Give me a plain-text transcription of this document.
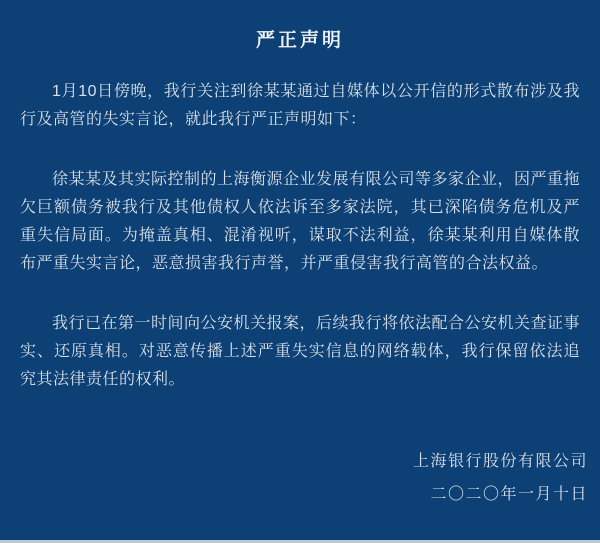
严正声明

1月10日傍晚，我行关注到徐某某通过自媒体以公开信的形式散布涉及我行及高管的失实言论，就此我行严正声明如下：

徐某某及其实际控制的上海衡源企业发展有限公司等多家企业，因严重拖欠巨额债务被我行及其他债权人依法诉至多家法院，其已深陷债务危机及严重失信局面。为掩盖真相、混淆视听，谋取不法利益，徐某某利用自媒体散布严重失实言论，恶意损害我行声誉，并严重侵害我行高管的合法权益。

我行已在第一时间向公安机关报案，后续我行将依法配合公安机关查证事实、还原真相。对恶意传播上述严重失实信息的网络载体，我行保留依法追究其法律责任的权利。

上海银行股份有限公司
二〇二〇年一月十日
